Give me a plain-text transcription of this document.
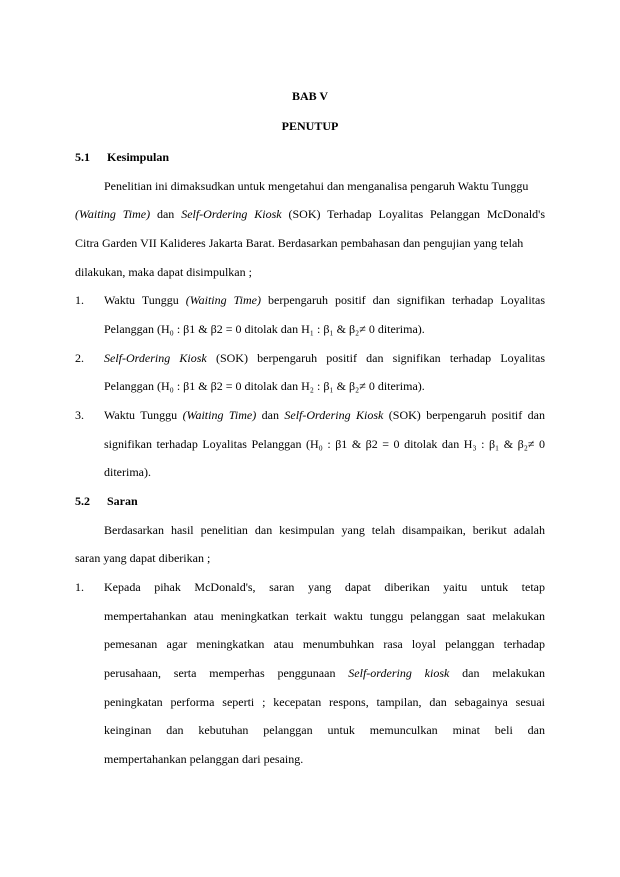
BAB V
PENUTUP
5.1 Kesimpulan
Penelitian ini dimaksudkan untuk mengetahui dan menganalisa pengaruh Waktu Tunggu
(Waiting Time) dan Self-Ordering Kiosk (SOK) Terhadap Loyalitas Pelanggan McDonald's
Citra Garden VII Kalideres Jakarta Barat. Berdasarkan pembahasan dan pengujian yang telah
dilakukan, maka dapat disimpulkan ;
1. Waktu Tunggu (Waiting Time) berpengaruh positif dan signifikan terhadap Loyalitas
Pelanggan (H₀ : β1 & β2 = 0 ditolak dan H₁ : β₁ & β₂≠ 0 diterima).
2. Self-Ordering Kiosk (SOK) berpengaruh positif dan signifikan terhadap Loyalitas
Pelanggan (H₀ : β1 & β2 = 0 ditolak dan H₂ : β₁ & β₂≠ 0 diterima).
3. Waktu Tunggu (Waiting Time) dan Self-Ordering Kiosk (SOK) berpengaruh positif dan
signifikan terhadap Loyalitas Pelanggan (H₀ : β1 & β2 = 0 ditolak dan H₃ : β₁ & β₂≠ 0
diterima).
5.2 Saran
Berdasarkan hasil penelitian dan kesimpulan yang telah disampaikan, berikut adalah
saran yang dapat diberikan ;
1. Kepada pihak McDonald's, saran yang dapat diberikan yaitu untuk tetap
mempertahankan atau meningkatkan terkait waktu tunggu pelanggan saat melakukan
pemesanan agar meningkatkan atau menumbuhkan rasa loyal pelanggan terhadap
perusahaan, serta memperhas penggunaan Self-ordering kiosk dan melakukan
peningkatan performa seperti ; kecepatan respons, tampilan, dan sebagainya sesuai
keinginan dan kebutuhan pelanggan untuk memunculkan minat beli dan
mempertahankan pelanggan dari pesaing.
